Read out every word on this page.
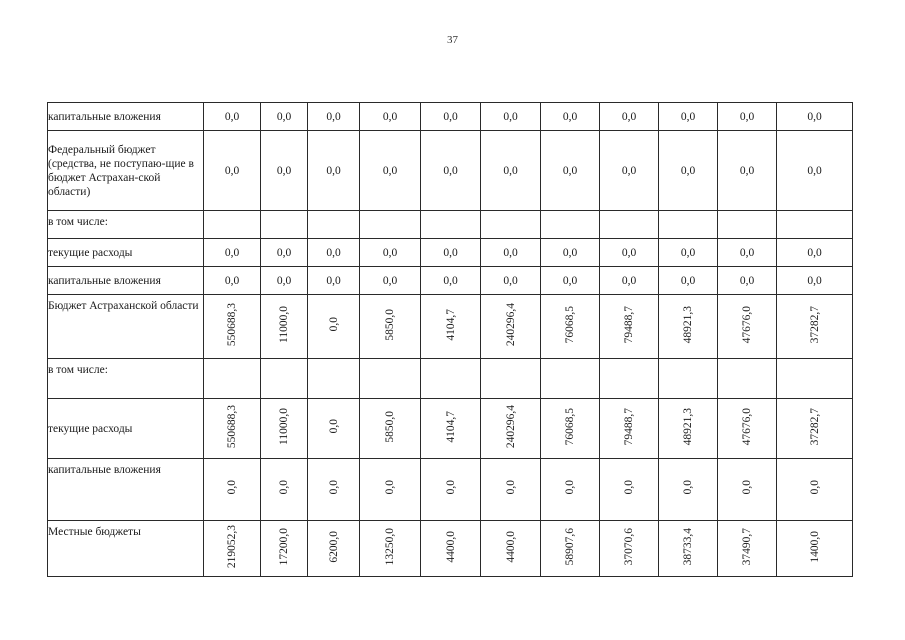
37
капитальные вложения	0,0	0,0	0,0	0,0	0,0	0,0	0,0	0,0	0,0	0,0	0,0
Федеральный бюджет (средства, не поступаю-щие в бюджет Астрахан-ской области)	0,0	0,0	0,0	0,0	0,0	0,0	0,0	0,0	0,0	0,0	0,0
в том числе:											
текущие расходы	0,0	0,0	0,0	0,0	0,0	0,0	0,0	0,0	0,0	0,0	0,0
капитальные вложения	0,0	0,0	0,0	0,0	0,0	0,0	0,0	0,0	0,0	0,0	0,0
Бюджет Астраханской области	550688,3	11000,0	0,0	5850,0	4104,7	240296,4	76068,5	79488,7	48921,3	47676,0	37282,7
в том числе:											
текущие расходы	550688,3	11000,0	0,0	5850,0	4104,7	240296,4	76068,5	79488,7	48921,3	47676,0	37282,7
капитальные вложения	0,0	0,0	0,0	0,0	0,0	0,0	0,0	0,0	0,0	0,0	0,0
Местные бюджеты	219052,3	17200,0	6200,0	13250,0	4400,0	4400,0	58907,6	37070,6	38733,4	37490,7	1400,0
